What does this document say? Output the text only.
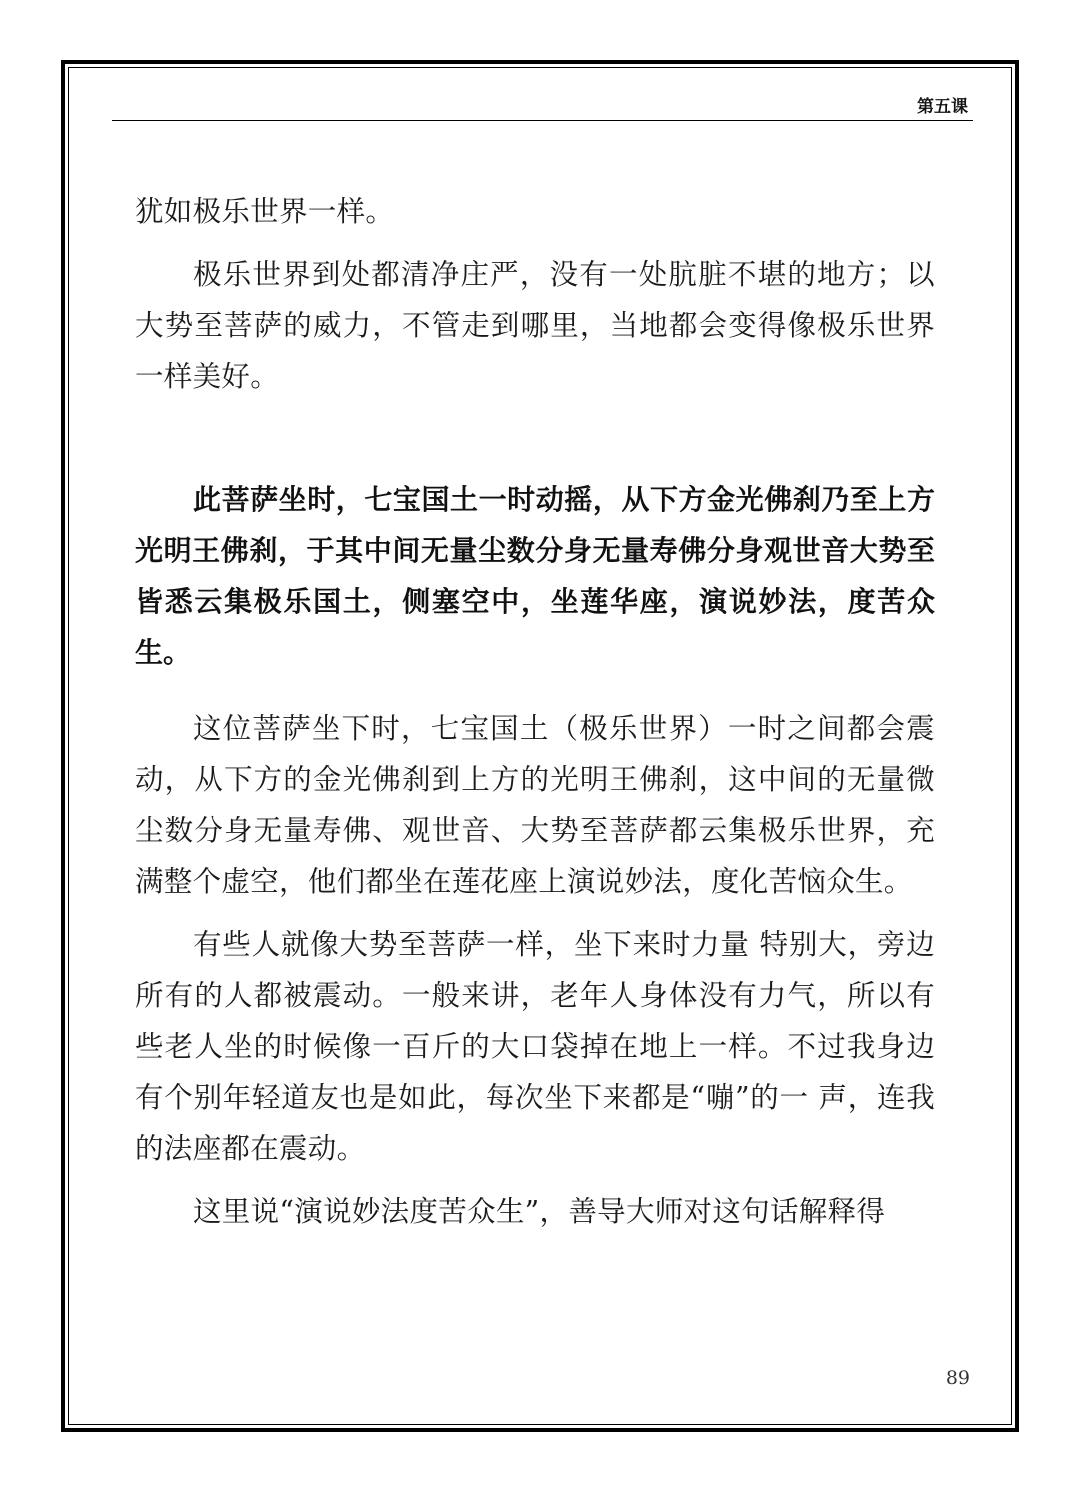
第五课

犹如极乐世界一样。

极乐世界到处都清净庄严，没有一处肮脏不堪的地方；以大势至菩萨的威力，不管走到哪里，当地都会变得像极乐世界一样美好。

此菩萨坐时，七宝国土一时动摇，从下方金光佛刹乃至上方光明王佛刹，于其中间无量尘数分身无量寿佛分身观世音大势至皆悉云集极乐国土，侧塞空中，坐莲华座，演说妙法，度苦众生。

这位菩萨坐下时，七宝国土（极乐世界）一时之间都会震动，从下方的金光佛刹到上方的光明王佛刹，这中间的无量微尘数分身无量寿佛、观世音、大势至菩萨都云集极乐世界，充满整个虚空，他们都坐在莲花座上演说妙法，度化苦恼众生。

有些人就像大势至菩萨一样，坐下来时力量 特别大，旁边所有的人都被震动。一般来讲，老年人身体没有力气，所以有些老人坐的时候像一百斤的大口袋掉在地上一样。不过我身边有个别年轻道友也是如此，每次坐下来都是“嘣”的一 声，连我的法座都在震动。

这里说“演说妙法度苦众生”，善导大师对这句话解释得

89
